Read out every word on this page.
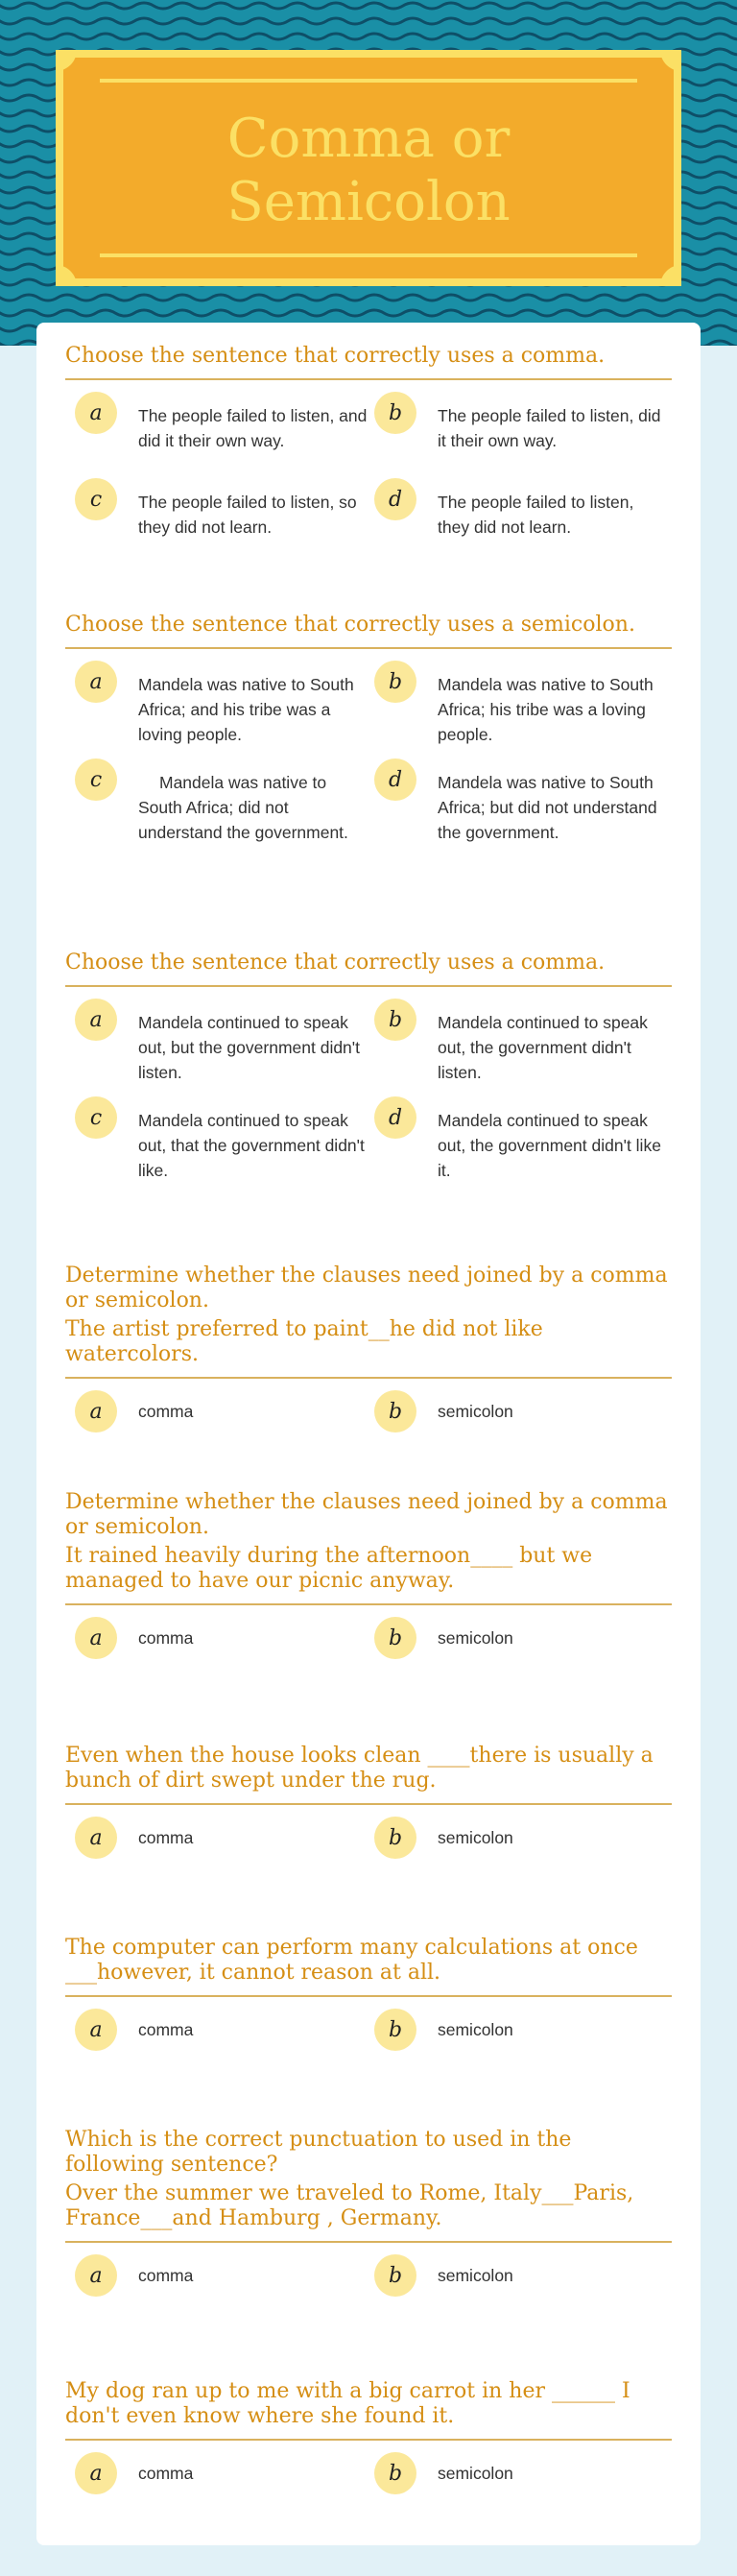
Comma or
Semicolon

Choose the sentence that correctly uses a comma.

a	The people failed to listen, and did it their own way.

b	The people failed to listen, did it their own way.

c	The people failed to listen, so they did not learn.

d	The people failed to listen, they did not learn.

Choose the sentence that correctly uses a semicolon.

a	Mandela was native to South Africa; and his tribe was a loving people.

b	Mandela was native to South Africa; his tribe was a loving people.

c	Mandela was native to South Africa; did not understand the government.

d	Mandela was native to South Africa; but did not understand the government.

Choose the sentence that correctly uses a comma.

a	Mandela continued to speak out, but the government didn't listen.

b	Mandela continued to speak out, the government didn't listen.

c	Mandela continued to speak out, that the government didn't like.

d	Mandela continued to speak out, the government didn't like it.

Determine whether the clauses need joined by a comma or semicolon.

The artist preferred to paint__he did not like watercolors.

a	comma	b	semicolon

Determine whether the clauses need joined by a comma or semicolon.

It rained heavily during the afternoon____ but we managed to have our picnic anyway.

a	comma	b	semicolon

Even when the house looks clean ____there is usually a bunch of dirt swept under the rug.

a	comma	b	semicolon

The computer can perform many calculations at once ___however, it cannot reason at all.

a	comma	b	semicolon

Which is the correct punctuation to used in the following sentence?

Over the summer we traveled to Rome, Italy___Paris, France___and Hamburg , Germany.

a	comma	b	semicolon

My dog ran up to me with a big carrot in her ______ I don't even know where she found it.

a	comma	b	semicolon
